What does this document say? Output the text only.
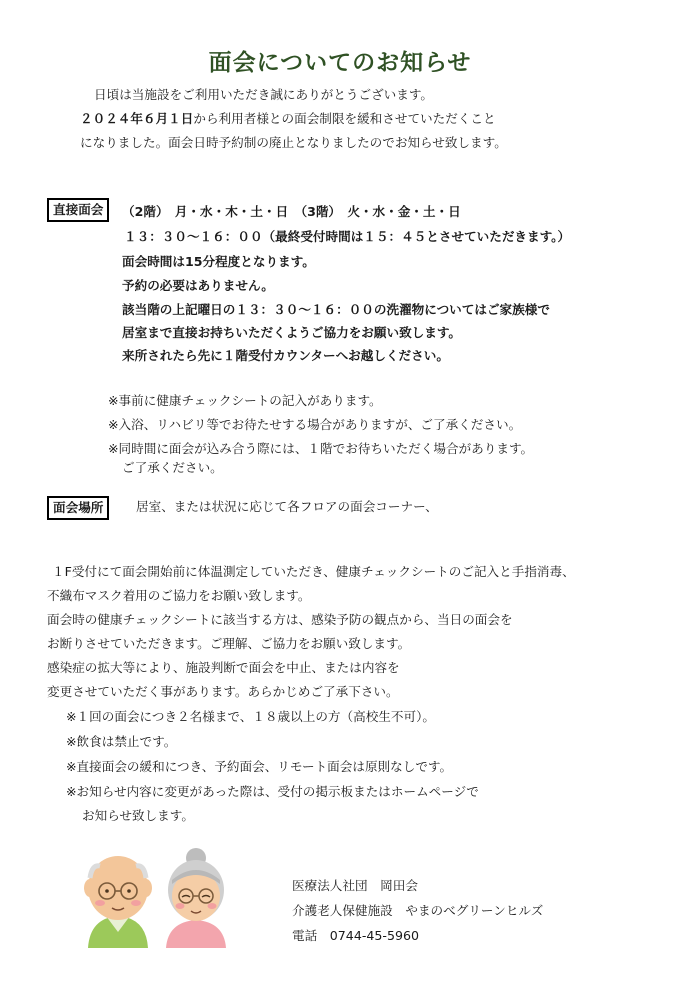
面会についてのお知らせ
日頃は当施設をご利用いただき誠にありがとうございます。
２０２４年６月１日から利用者様との面会制限を緩和させていただくこと
になりました。面会日時予約制の廃止となりましたのでお知らせ致します。
直接面会	（2階）　月・水・木・土・日　（3階）　火・水・金・土・日
１３：３０～１６：００（最終受付時間は１５：４５とさせていただきます。）
面会時間は15分程度となります。
予約の必要はありません。
該当階の上記曜日の１３：３０～１６：００の洗濯物についてはご家族様で
居室まで直接お持ちいただくようご協力をお願い致します。
来所されたら先に１階受付カウンターへお越しください。
※事前に健康チェックシートの記入があります。
※入浴、リハビリ等でお待たせする場合がありますが、ご了承ください。
※同時間に面会が込み合う際には、１階でお待ちいただく場合があります。
ご了承ください。
面会場所	居室、または状況に応じて各フロアの面会コーナー、
１F受付にて面会開始前に体温測定していただき、健康チェックシートのご記入と手指消毒、
不織布マスク着用のご協力をお願い致します。
面会時の健康チェックシートに該当する方は、感染予防の観点から、当日の面会を
お断りさせていただきます。ご理解、ご協力をお願い致します。
感染症の拡大等により、施設判断で面会を中止、または内容を
変更させていただく事があります。あらかじめご了承下さい。
※１回の面会につき２名様まで、１８歳以上の方（高校生不可）。
※飲食は禁止です。
※直接面会の緩和につき、予約面会、リモート面会は原則なしです。
※お知らせ内容に変更があった際は、受付の掲示板またはホームページで
お知らせ致します。
医療法人社団　岡田会
介護老人保健施設　やまのべグリーンヒルズ
電話　0744-45-5960
